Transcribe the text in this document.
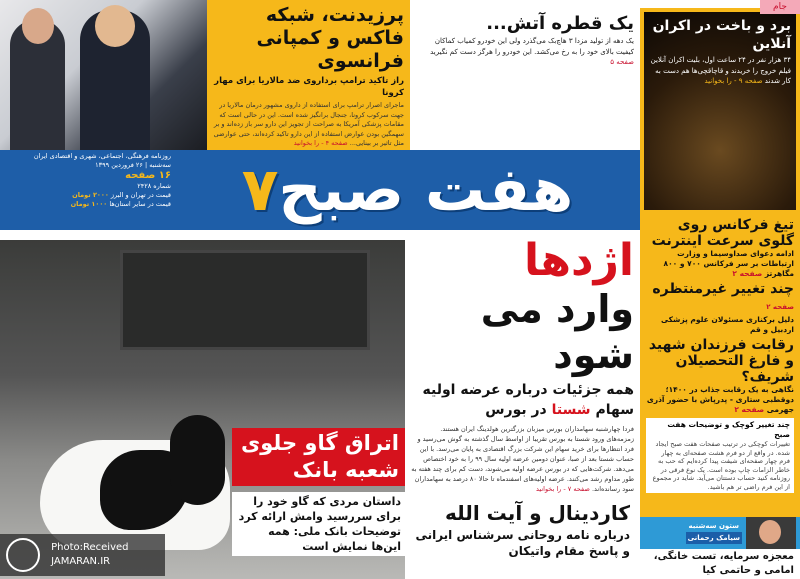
پرزیدنت، شبکه فاکس و کمپانی فرانسوی
راز تاکید ترامپ برداروی ضد مالاریا برای مهار کرونا
ماجرای اصرار ترامپ برای استفاده از داروی مشهور درمان مالاریا در جهت سرکوب کرونا، جنجال برانگیز شده است. این در حالی است که مقامات پزشکی آمریکا به صراحت از تجویز این دارو سر باز زده‌اند و بر سهمگین بودن عوارض استفاده از این دارو تاکید کرده‌اند، حتی عوارضی مثل تاثیر بر بینایی... صفحه ۴ - را بخوانید
یک قطره آتش...
یک دهه از تولید مزدا ۳ هاچ‌بک می‌گذرد ولی این خودرو کمیاب کماکان کیفیت بالای خود را به رخ می‌کشد. این خودرو را هرگز دست کم نگیرید صفحه ۵
برد و باخت در اکران آنلاین
۳۴ هزار نفر در ۲۴ ساعت اول، بلیت اکران آنلاین فیلم خروج را خریدند و قاچاقچی‌ها هم دست به کار شدند صفحه ۹ - را بخوانید
جام
هفت صبح۷
روزنامه فرهنگی، اجتماعی، شهری و اقتصادی ایران
سه‌شنبه | ۲۶ فروردین ۱۳۹۹
۱۶ صفحه
شماره ۲۴۲۸
قیمت در تهران و البرز ۲۰۰۰ تومان
قیمت در سایر استان‌ها ۱۰۰۰ تومان
اتراق گاو جلوی شعبه بانک
داستان مردی که گاو خود را برای سررسید وامش ارائه کرد
توضیحات بانک ملی: همه این‌ها نمایش است

Photo:Received
JAMARAN.IR
اژدها
وارد می شود
همه جزئیات درباره عرضه اولیه سهام شستا در بورس
فردا چهارشنبه سهامداران بورس میزبان بزرگترین هولدینگ ایران هستند. زمزمه‌های ورود شستا به بورس تقریبا از اواسط سال گذشته به گوش می‌رسید و فرد انتظارها برای خرید سهام این شرکت بزرگ اقتصادی به پایان می‌رسد. با این حساب شستا بعد از صبا، عنوان دومین عرضه اولیه سال ۹۹ را به خود اختصاص می‌دهد. شرکت‌هایی که در بورس عرضه اولیه می‌شوند، دست کم برای چند هفته به طور مداوم رشد می‌کنند. عرضه اولیه‌های اسفندماه تا حالا ۸۰ درصد به سهامداران سود رسانده‌اند. صفحه ۷ - را بخوانید
کاردینال و آیت الله
درباره نامه روحانی سرشناس ایرانی و پاسخ مقام واتیکان
تیغ فرکانس روی گلوی سرعت اینترنت
ادامه دعوای صداوسیما و وزارت ارتباطات بر سر فرکانس ۷۰۰ و ۸۰۰ مگاهرتز صفحه ۲
چند تغییر غیرمنتظره صفحه ۲
دلیل برکناری مسئولان علوم پزشکی اردبیل و قم
رقابت فرزندان شهید و فارغ التحصیلان شریف؟
نگاهی به یک رقابت جذاب در ۱۴۰۰؛ دوقطبی ستاری - پدرپاش با حضور آذری جهرمی صفحه ۲
چند تغییر کوچک و توضیحات هفت صبح
تغییرات کوچکی در ترتیب صفحات هفت صبح ایجاد شده. در واقع از دو فرم هشت صفحه‌ای به چهار فرم چهار صفحه‌ای شیفت پیدا کرده‌ایم که حب به خاطر الزامات چاپ بوده است. یک نوع فرقی در روزنامه کنید حساب دستتان می‌آید. شاید در مجموع از این فرم راضی تر هم باشید.
ستون سه‌شنبه
سیامک رحمانی
معجزه سرمایه، تست خانگی، امامی و حاتمی کیا
